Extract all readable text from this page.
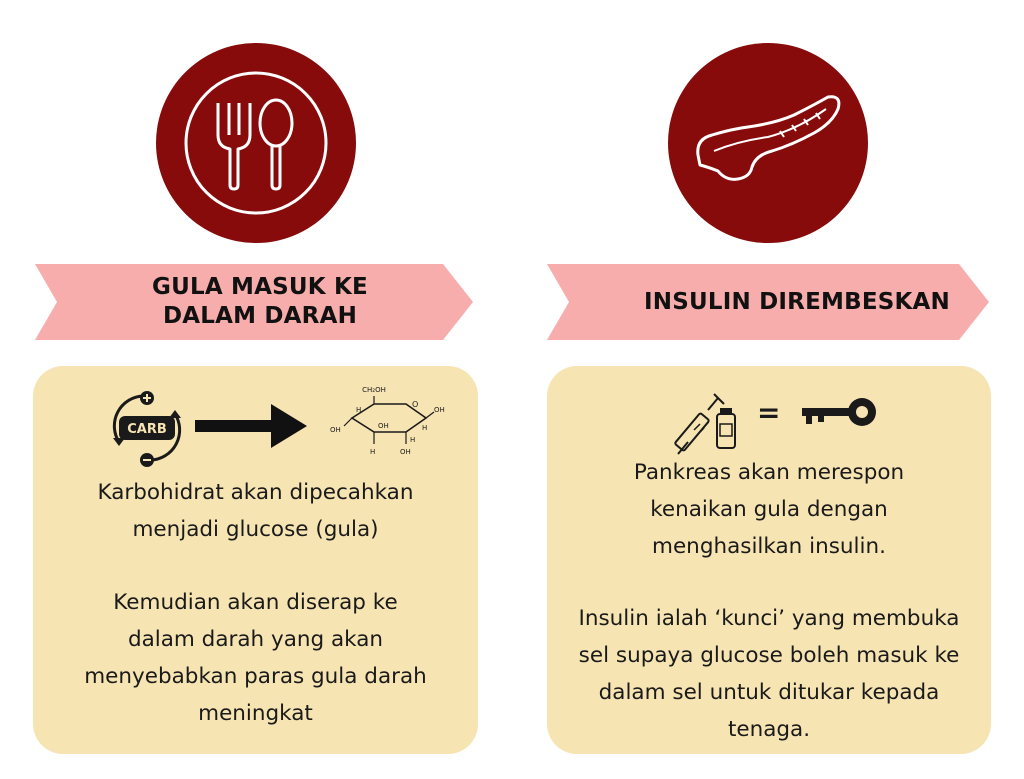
GULA MASUK KE DALAM DARAH
CARB
CH₂OH
O
OH
OH	OH
OH
H
H
H
H
Karbohidrat akan dipecahkan menjadi glucose (gula)
Kemudian akan diserap ke dalam darah yang akan menyebabkan paras gula darah meningkat
INSULIN DIREMBESKAN
=
Pankreas akan merespon kenaikan gula dengan menghasilkan insulin.
Insulin ialah ‘kunci’ yang membuka sel supaya glucose boleh masuk ke dalam sel untuk ditukar kepada tenaga.
